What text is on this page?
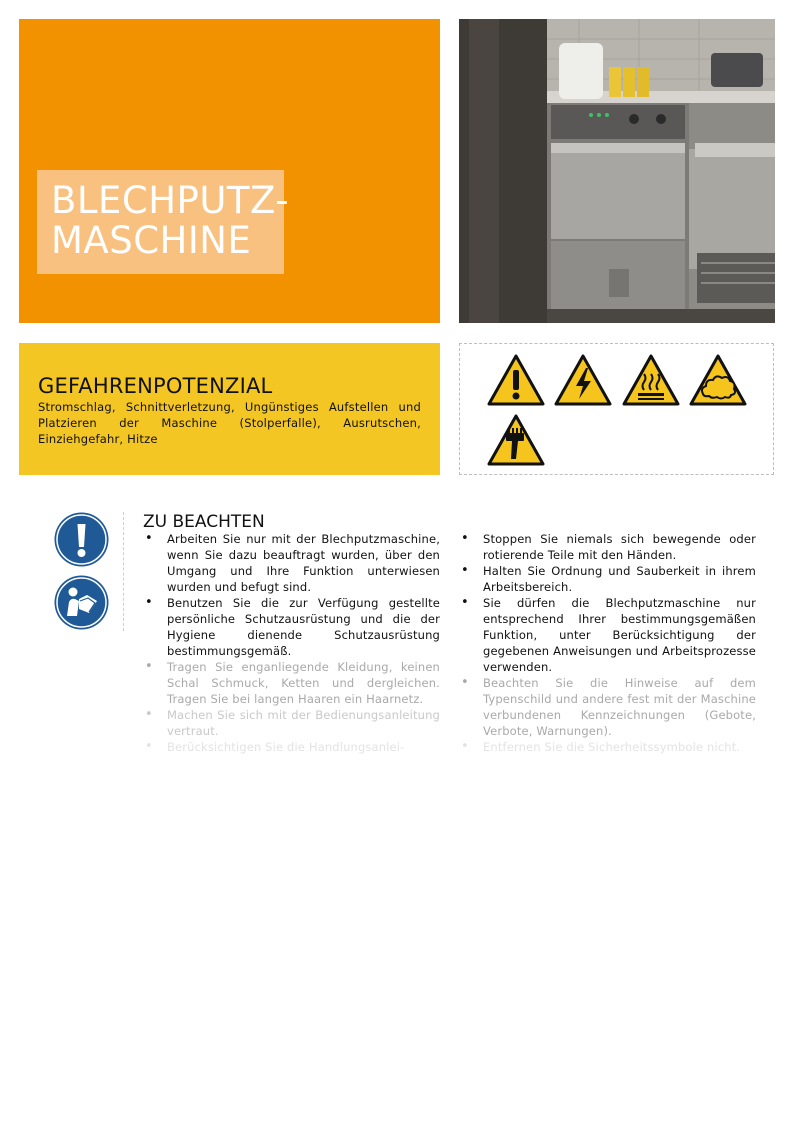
BLECHPUTZ-
MASCHINE
GEFAHRENPOTENZIAL
Stromschlag, Schnittverletzung, Ungünstiges Aufstellen und Platzieren der Maschine (Stolperfalle), Ausrutschen, Einziehgefahr, Hitze
ZU BEACHTEN
• Arbeiten Sie nur mit der Blechputzmaschine, wenn Sie dazu beauftragt wurden, über den Umgang und Ihre Funktion unterwiesen wurden und befugt sind.
• Benutzen Sie die zur Verfügung gestellte persönliche Schutzausrüstung und die der Hygiene dienende Schutzausrüstung bestimmungsgemäß.
• Tragen Sie enganliegende Kleidung, keinen Schal Schmuck, Ketten und dergleichen. Tragen Sie bei langen Haaren ein Haarnetz.
• Machen Sie sich mit der Bedienungsanleitung vertraut.
• Berücksichtigen Sie die Handlungsanlei-
• Stoppen Sie niemals sich bewegende oder rotierende Teile mit den Händen.
• Halten Sie Ordnung und Sauberkeit in ihrem Arbeitsbereich.
• Sie dürfen die Blechputzmaschine nur entsprechend Ihrer bestimmungsgemäßen Funktion, unter Berücksichtigung der gegebenen Anweisungen und Arbeitsprozesse verwenden.
• Beachten Sie die Hinweise auf dem Typenschild und andere fest mit der Maschine verbundenen Kennzeichnungen (Gebote, Verbote, Warnungen).
• Entfernen Sie die Sicherheitssymbole nicht.
